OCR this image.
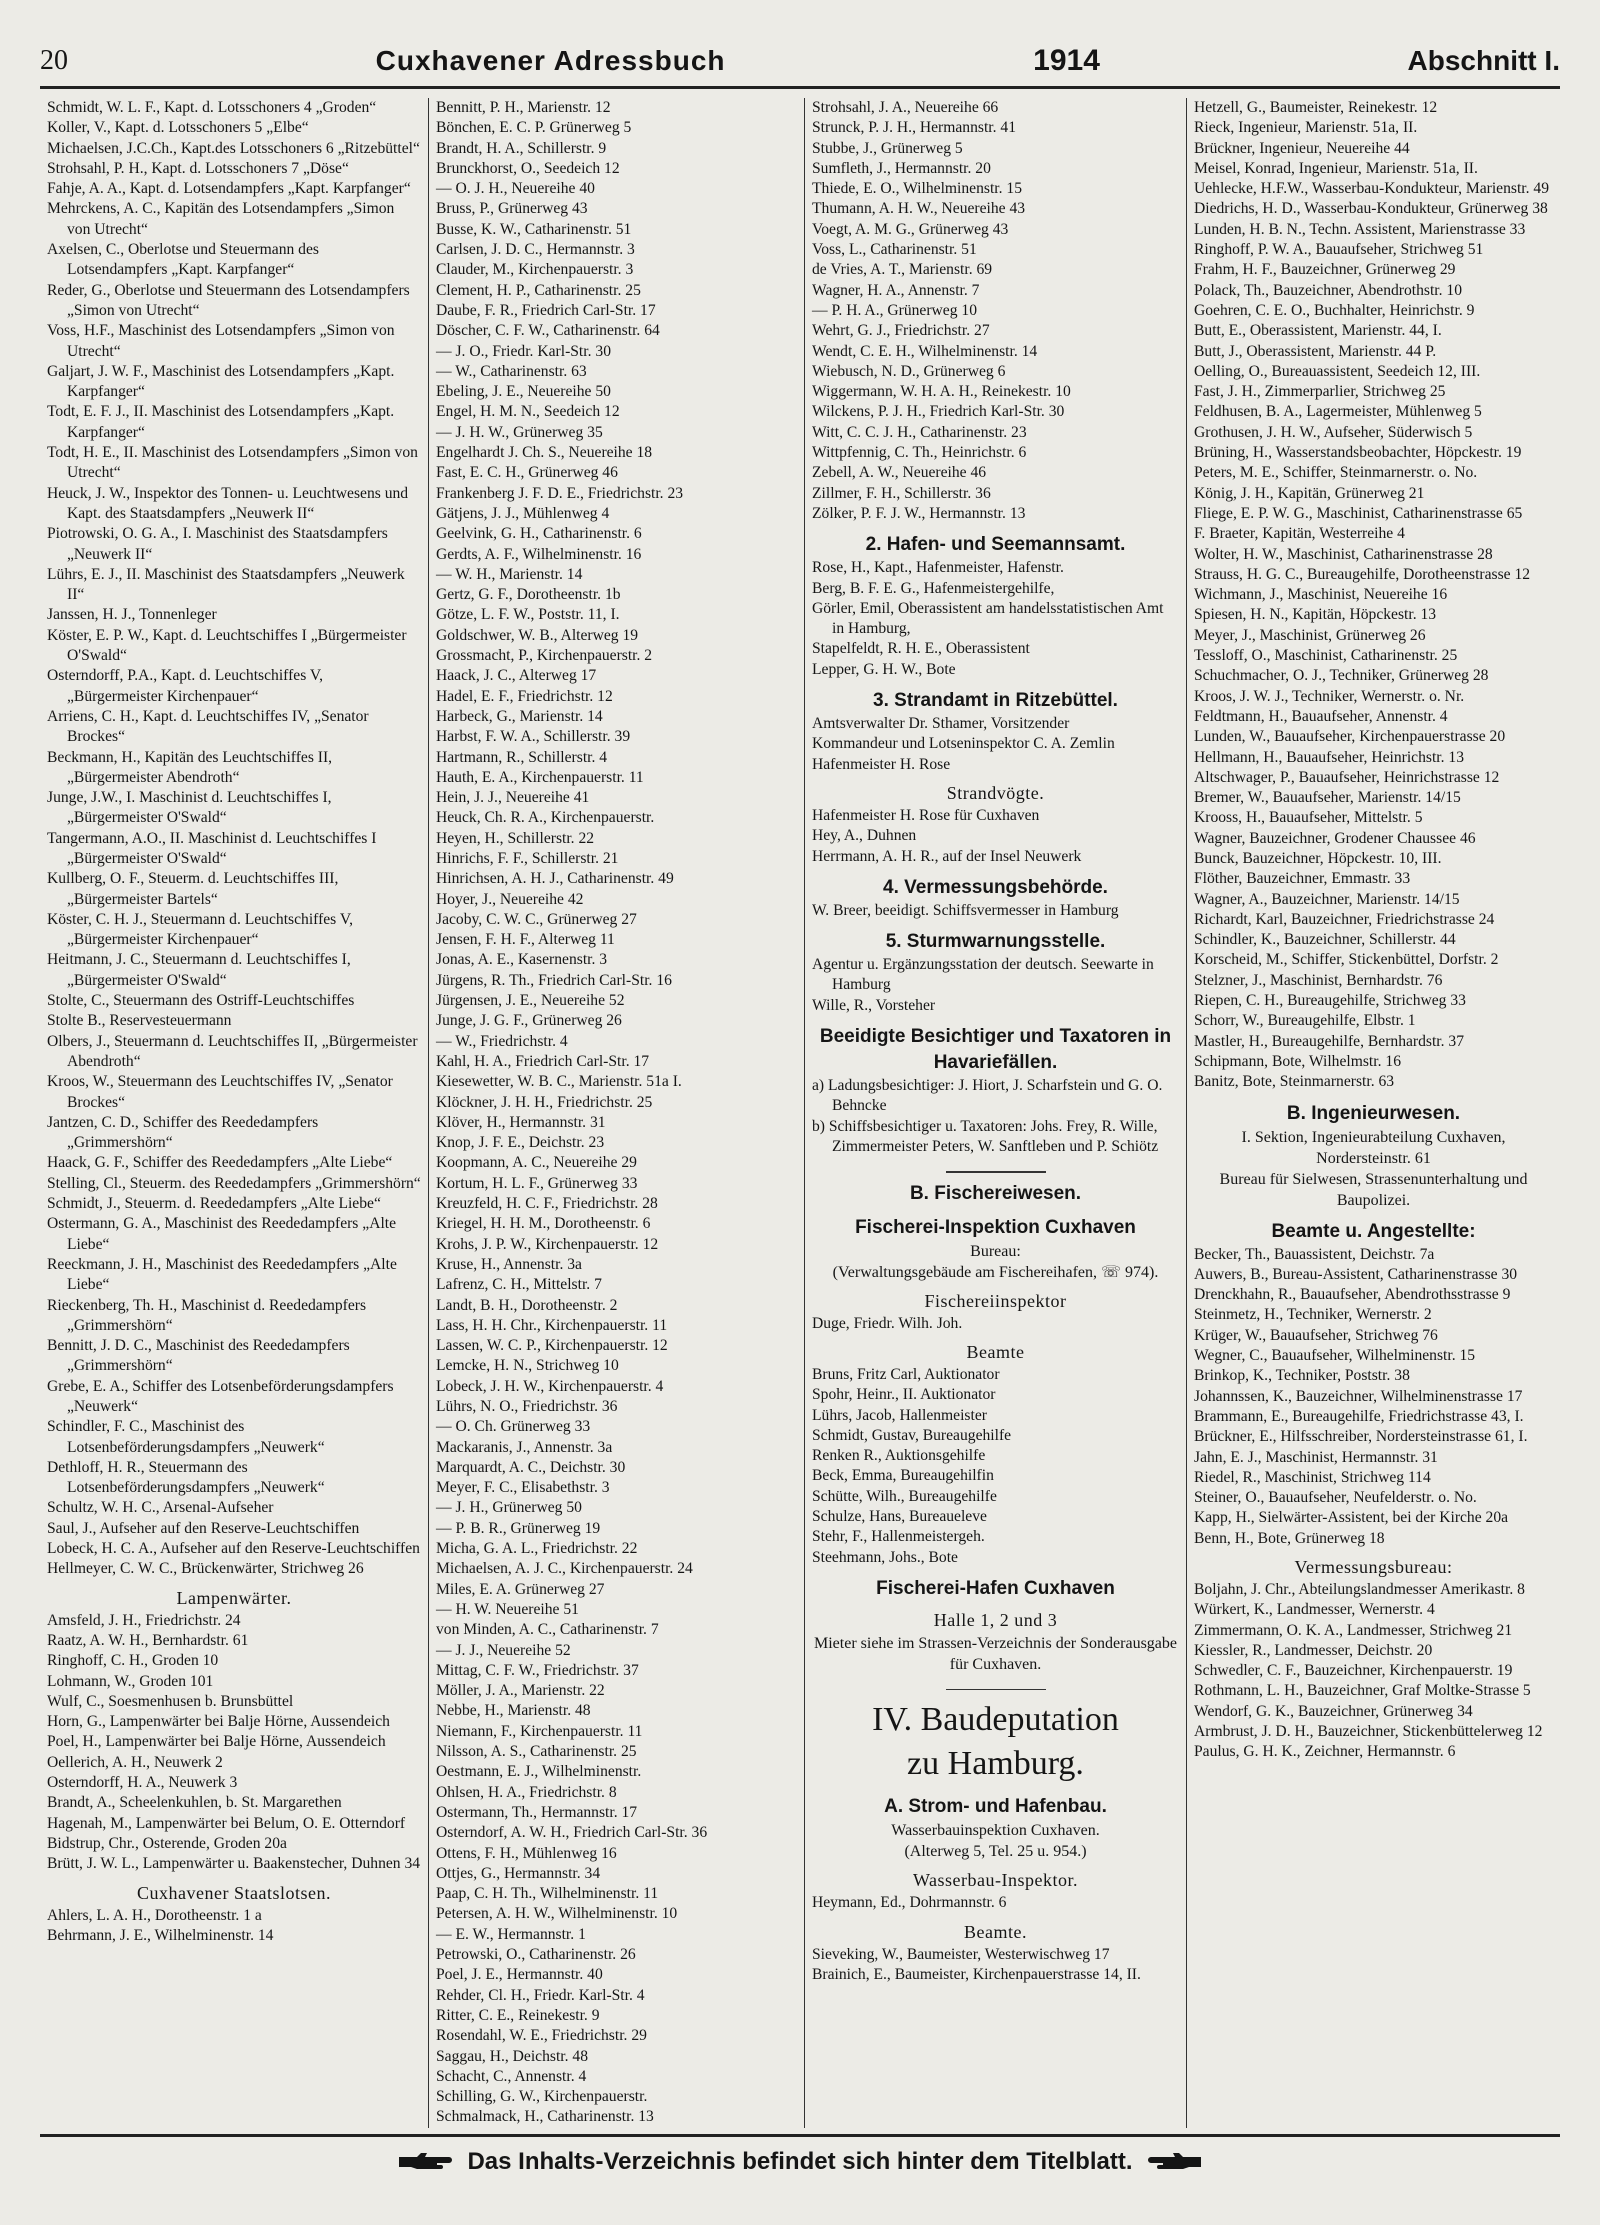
20	Cuxhavener Adressbuch	1914	Abschnitt I.
Schmidt, W. L. F., Kapt. d. Lotsschoners 4 „Groden“
Koller, V., Kapt. d. Lotsschoners 5 „Elbe“
Michaelsen, J.C.Ch., Kapt.des Lotsschoners 6 „Ritzebüttel“
Strohsahl, P. H., Kapt. d. Lotsschoners 7 „Döse“
Fahje, A. A., Kapt. d. Lotsendampfers „Kapt. Karpfanger“
Mehrckens, A. C., Kapitän des Lotsendampfers „Simon von Utrecht“
Axelsen, C., Oberlotse und Steuermann des Lotsendampfers „Kapt. Karpfanger“
Reder, G., Oberlotse und Steuermann des Lotsendampfers „Simon von Utrecht“
Voss, H.F., Maschinist des Lotsendampfers „Simon von Utrecht“
Galjart, J. W. F., Maschinist des Lotsendampfers „Kapt. Karpfanger“
Todt, E. F. J., II. Maschinist des Lotsendampfers „Kapt. Karpfanger“
Todt, H. E., II. Maschinist des Lotsendampfers „Simon von Utrecht“
Heuck, J. W., Inspektor des Tonnen- u. Leuchtwesens und Kapt. des Staatsdampfers „Neuwerk II“
Piotrowski, O. G. A., I. Maschinist des Staatsdampfers „Neuwerk II“
Lührs, E. J., II. Maschinist des Staatsdampfers „Neuwerk II“
Janssen, H. J., Tonnenleger
Köster, E. P. W., Kapt. d. Leuchtschiffes I „Bürgermeister O'Swald“
Osterndorff, P.A., Kapt. d. Leuchtschiffes V, „Bürgermeister Kirchenpauer“
Arriens, C. H., Kapt. d. Leuchtschiffes IV, „Senator Brockes“
Beckmann, H., Kapitän des Leuchtschiffes II, „Bürgermeister Abendroth“
Junge, J.W., I. Maschinist d. Leuchtschiffes I, „Bürgermeister O'Swald“
Tangermann, A.O., II. Maschinist d. Leuchtschiffes I „Bürgermeister O'Swald“
Kullberg, O. F., Steuerm. d. Leuchtschiffes III, „Bürgermeister Bartels“
Köster, C. H. J., Steuermann d. Leuchtschiffes V, „Bürgermeister Kirchenpauer“
Heitmann, J. C., Steuermann d. Leuchtschiffes I, „Bürgermeister O'Swald“
Stolte, C., Steuermann des Ostriff-Leuchtschiffes
Stolte B., Reservesteuermann
Olbers, J., Steuermann d. Leuchtschiffes II, „Bürgermeister Abendroth“
Kroos, W., Steuermann des Leuchtschiffes IV, „Senator Brockes“
Jantzen, C. D., Schiffer des Reededampfers „Grimmershörn“
Haack, G. F., Schiffer des Reededampfers „Alte Liebe“
Stelling, Cl., Steuerm. des Reededampfers „Grimmershörn“
Schmidt, J., Steuerm. d. Reededampfers „Alte Liebe“
Ostermann, G. A., Maschinist des Reededampfers „Alte Liebe“
Reeckmann, J. H., Maschinist des Reededampfers „Alte Liebe“
Rieckenberg, Th. H., Maschinist d. Reededampfers „Grimmershörn“
Bennitt, J. D. C., Maschinist des Reededampfers „Grimmershörn“
Grebe, E. A., Schiffer des Lotsenbeförderungsdampfers „Neuwerk“
Schindler, F. C., Maschinist des Lotsenbeförderungsdampfers „Neuwerk“
Dethloff, H. R., Steuermann des Lotsenbeförderungsdampfers „Neuwerk“
Schultz, W. H. C., Arsenal-Aufseher
Saul, J., Aufseher auf den Reserve-Leuchtschiffen
Lobeck, H. C. A., Aufseher auf den Reserve-Leuchtschiffen
Hellmeyer, C. W. C., Brückenwärter, Strichweg 26
Lampenwärter.
Amsfeld, J. H., Friedrichstr. 24
Raatz, A. W. H., Bernhardstr. 61
Ringhoff, C. H., Groden 10
Lohmann, W., Groden 101
Wulf, C., Soesmenhusen b. Brunsbüttel
Horn, G., Lampenwärter bei Balje Hörne, Aussendeich
Poel, H., Lampenwärter bei Balje Hörne, Aussendeich
Oellerich, A. H., Neuwerk 2
Osterndorff, H. A., Neuwerk 3
Brandt, A., Scheelenkuhlen, b. St. Margarethen
Hagenah, M., Lampenwärter bei Belum, O. E. Otterndorf
Bidstrup, Chr., Osterende, Groden 20a
Brütt, J. W. L., Lampenwärter u. Baakenstecher, Duhnen 34
Cuxhavener Staatslotsen.
Ahlers, L. A. H., Dorotheenstr. 1 a
Behrmann, J. E., Wilhelminenstr. 14
Bennitt, P. H., Marienstr. 12
Bönchen, E. C. P. Grünerweg 5
Brandt, H. A., Schillerstr. 9
Brunckhorst, O., Seedeich 12
— O. J. H., Neuereihe 40
Bruss, P., Grünerweg 43
Busse, K. W., Catharinenstr. 51
Carlsen, J. D. C., Hermannstr. 3
Clauder, M., Kirchenpauerstr. 3
Clement, H. P., Catharinenstr. 25
Daube, F. R., Friedrich Carl-Str. 17
Döscher, C. F. W., Catharinenstr. 64
— J. O., Friedr. Karl-Str. 30
— W., Catharinenstr. 63
Ebeling, J. E., Neuereihe 50
Engel, H. M. N., Seedeich 12
— J. H. W., Grünerweg 35
Engelhardt J. Ch. S., Neuereihe 18
Fast, E. C. H., Grünerweg 46
Frankenberg J. F. D. E., Friedrichstr. 23
Gätjens, J. J., Mühlenweg 4
Geelvink, G. H., Catharinenstr. 6
Gerdts, A. F., Wilhelminenstr. 16
— W. H., Marienstr. 14
Gertz, G. F., Dorotheenstr. 1b
Götze, L. F. W., Poststr. 11, I.
Goldschwer, W. B., Alterweg 19
Grossmacht, P., Kirchenpauerstr. 2
Haack, J. C., Alterweg 17
Hadel, E. F., Friedrichstr. 12
Harbeck, G., Marienstr. 14
Harbst, F. W. A., Schillerstr. 39
Hartmann, R., Schillerstr. 4
Hauth, E. A., Kirchenpauerstr. 11
Hein, J. J., Neuereihe 41
Heuck, Ch. R. A., Kirchenpauerstr.
Heyen, H., Schillerstr. 22
Hinrichs, F. F., Schillerstr. 21
Hinrichsen, A. H. J., Catharinenstr. 49
Hoyer, J., Neuereihe 42
Jacoby, C. W. C., Grünerweg 27
Jensen, F. H. F., Alterweg 11
Jonas, A. E., Kasernenstr. 3
Jürgens, R. Th., Friedrich Carl-Str. 16
Jürgensen, J. E., Neuereihe 52
Junge, J. G. F., Grünerweg 26
— W., Friedrichstr. 4
Kahl, H. A., Friedrich Carl-Str. 17
Kiesewetter, W. B. C., Marienstr. 51a I.
Klöckner, J. H. H., Friedrichstr. 25
Klöver, H., Hermannstr. 31
Knop, J. F. E., Deichstr. 23
Koopmann, A. C., Neuereihe 29
Kortum, H. L. F., Grünerweg 33
Kreuzfeld, H. C. F., Friedrichstr. 28
Kriegel, H. H. M., Dorotheenstr. 6
Krohs, J. P. W., Kirchenpauerstr. 12
Kruse, H., Annenstr. 3a
Lafrenz, C. H., Mittelstr. 7
Landt, B. H., Dorotheenstr. 2
Lass, H. H. Chr., Kirchenpauerstr. 11
Lassen, W. C. P., Kirchenpauerstr. 12
Lemcke, H. N., Strichweg 10
Lobeck, J. H. W., Kirchenpauerstr. 4
Lührs, N. O., Friedrichstr. 36
— O. Ch. Grünerweg 33
Mackaranis, J., Annenstr. 3a
Marquardt, A. C., Deichstr. 30
Meyer, F. C., Elisabethstr. 3
— J. H., Grünerweg 50
— P. B. R., Grünerweg 19
Micha, G. A. L., Friedrichstr. 22
Michaelsen, A. J. C., Kirchenpauerstr. 24
Miles, E. A. Grünerweg 27
— H. W. Neuereihe 51
von Minden, A. C., Catharinenstr. 7
— J. J., Neuereihe 52
Mittag, C. F. W., Friedrichstr. 37
Möller, J. A., Marienstr. 22
Nebbe, H., Marienstr. 48
Niemann, F., Kirchenpauerstr. 11
Nilsson, A. S., Catharinenstr. 25
Oestmann, E. J., Wilhelminenstr.
Ohlsen, H. A., Friedrichstr. 8
Ostermann, Th., Hermannstr. 17
Osterndorf, A. W. H., Friedrich Carl-Str. 36
Ottens, F. H., Mühlenweg 16
Ottjes, G., Hermannstr. 34
Paap, C. H. Th., Wilhelminenstr. 11
Petersen, A. H. W., Wilhelminenstr. 10
— E. W., Hermannstr. 1
Petrowski, O., Catharinenstr. 26
Poel, J. E., Hermannstr. 40
Rehder, Cl. H., Friedr. Karl-Str. 4
Ritter, C. E., Reinekestr. 9
Rosendahl, W. E., Friedrichstr. 29
Saggau, H., Deichstr. 48
Schacht, C., Annenstr. 4
Schilling, G. W., Kirchenpauerstr.
Schmalmack, H., Catharinenstr. 13
Strohsahl, J. A., Neuereihe 66
Strunck, P. J. H., Hermannstr. 41
Stubbe, J., Grünerweg 5
Sumfleth, J., Hermannstr. 20
Thiede, E. O., Wilhelminenstr. 15
Thumann, A. H. W., Neuereihe 43
Voegt, A. M. G., Grünerweg 43
Voss, L., Catharinenstr. 51
de Vries, A. T., Marienstr. 69
Wagner, H. A., Annenstr. 7
— P. H. A., Grünerweg 10
Wehrt, G. J., Friedrichstr. 27
Wendt, C. E. H., Wilhelminenstr. 14
Wiebusch, N. D., Grünerweg 6
Wiggermann, W. H. A. H., Reinekestr. 10
Wilckens, P. J. H., Friedrich Karl-Str. 30
Witt, C. C. J. H., Catharinenstr. 23
Wittpfennig, C. Th., Heinrichstr. 6
Zebell, A. W., Neuereihe 46
Zillmer, F. H., Schillerstr. 36
Zölker, P. F. J. W., Hermannstr. 13
2. Hafen- und Seemannsamt.
Rose, H., Kapt., Hafenmeister, Hafenstr.
Berg, B. F. E. G., Hafenmeistergehilfe,
Görler, Emil, Oberassistent am handelsstatistischen Amt in Hamburg,
Stapelfeldt, R. H. E., Oberassistent
Lepper, G. H. W., Bote
3. Strandamt in Ritzebüttel.
Amtsverwalter Dr. Sthamer, Vorsitzender
Kommandeur und Lotseninspektor C. A. Zemlin
Hafenmeister H. Rose
Strandvögte.
Hafenmeister H. Rose für Cuxhaven
Hey, A., Duhnen
Herrmann, A. H. R., auf der Insel Neuwerk
4. Vermessungsbehörde.
W. Breer, beeidigt. Schiffsvermesser in Hamburg
5. Sturmwarnungsstelle.
Agentur u. Ergänzungsstation der deutsch. Seewarte in Hamburg
Wille, R., Vorsteher
Beeidigte Besichtiger und Taxatoren in Havariefällen.
a) Ladungsbesichtiger: J. Hiort, J. Scharfstein und G. O. Behncke
b) Schiffsbesichtiger u. Taxatoren: Johs. Frey, R. Wille, Zimmermeister Peters, W. Sanftleben und P. Schiötz
B. Fischereiwesen.
Fischerei-Inspektion Cuxhaven
Bureau:
(Verwaltungsgebäude am Fischereihafen, ☏ 974).
Fischereiinspektor
Duge, Friedr. Wilh. Joh.
Beamte
Bruns, Fritz Carl, Auktionator
Spohr, Heinr., II. Auktionator
Lührs, Jacob, Hallenmeister
Schmidt, Gustav, Bureaugehilfe
Renken R., Auktionsgehilfe
Beck, Emma, Bureaugehilfin
Schütte, Wilh., Bureaugehilfe
Schulze, Hans, Bureaueleve
Stehr, F., Hallenmeistergeh.
Steehmann, Johs., Bote
Fischerei-Hafen Cuxhaven
Halle 1, 2 und 3
Mieter siehe im Strassen-Verzeichnis der Sonderausgabe für Cuxhaven.
IV. Baudeputation
zu Hamburg.
A. Strom- und Hafenbau.
Wasserbauinspektion Cuxhaven.
(Alterweg 5, Tel. 25 u. 954.)
Wasserbau-Inspektor.
Heymann, Ed., Dohrmannstr. 6
Beamte.
Sieveking, W., Baumeister, Westerwischweg 17
Brainich, E., Baumeister, Kirchenpauerstrasse 14, II.
Hetzell, G., Baumeister, Reinekestr. 12
Rieck, Ingenieur, Marienstr. 51a, II.
Brückner, Ingenieur, Neuereihe 44
Meisel, Konrad, Ingenieur, Marienstr. 51a, II.
Uehlecke, H.F.W., Wasserbau-Kondukteur, Marienstr. 49
Diedrichs, H. D., Wasserbau-Kondukteur, Grünerweg 38
Lunden, H. B. N., Techn. Assistent, Marienstrasse 33
Ringhoff, P. W. A., Bauaufseher, Strichweg 51
Frahm, H. F., Bauzeichner, Grünerweg 29
Polack, Th., Bauzeichner, Abendrothstr. 10
Goehren, C. E. O., Buchhalter, Heinrichstr. 9
Butt, E., Oberassistent, Marienstr. 44, I.
Butt, J., Oberassistent, Marienstr. 44 P.
Oelling, O., Bureauassistent, Seedeich 12, III.
Fast, J. H., Zimmerparlier, Strichweg 25
Feldhusen, B. A., Lagermeister, Mühlenweg 5
Grothusen, J. H. W., Aufseher, Süderwisch 5
Brüning, H., Wasserstandsbeobachter, Höpckestr. 19
Peters, M. E., Schiffer, Steinmarnerstr. o. No.
König, J. H., Kapitän, Grünerweg 21
Fliege, E. P. W. G., Maschinist, Catharinenstrasse 65
F. Braeter, Kapitän, Westerreihe 4
Wolter, H. W., Maschinist, Catharinenstrasse 28
Strauss, H. G. C., Bureaugehilfe, Dorotheenstrasse 12
Wichmann, J., Maschinist, Neuereihe 16
Spiesen, H. N., Kapitän, Höpckestr. 13
Meyer, J., Maschinist, Grünerweg 26
Tessloff, O., Maschinist, Catharinenstr. 25
Schuchmacher, O. J., Techniker, Grünerweg 28
Kroos, J. W. J., Techniker, Wernerstr. o. Nr.
Feldtmann, H., Bauaufseher, Annenstr. 4
Lunden, W., Bauaufseher, Kirchenpauerstrasse 20
Hellmann, H., Bauaufseher, Heinrichstr. 13
Altschwager, P., Bauaufseher, Heinrichstrasse 12
Bremer, W., Bauaufseher, Marienstr. 14/15
Krooss, H., Bauaufseher, Mittelstr. 5
Wagner, Bauzeichner, Grodener Chaussee 46
Bunck, Bauzeichner, Höpckestr. 10, III.
Flöther, Bauzeichner, Emmastr. 33
Wagner, A., Bauzeichner, Marienstr. 14/15
Richardt, Karl, Bauzeichner, Friedrichstrasse 24
Schindler, K., Bauzeichner, Schillerstr. 44
Korscheid, M., Schiffer, Stickenbüttel, Dorfstr. 2
Stelzner, J., Maschinist, Bernhardstr. 76
Riepen, C. H., Bureaugehilfe, Strichweg 33
Schorr, W., Bureaugehilfe, Elbstr. 1
Mastler, H., Bureaugehilfe, Bernhardstr. 37
Schipmann, Bote, Wilhelmstr. 16
Banitz, Bote, Steinmarnerstr. 63
B. Ingenieurwesen.
I. Sektion, Ingenieurabteilung Cuxhaven, Nordersteinstr. 61
Bureau für Sielwesen, Strassenunterhaltung und Baupolizei.
Beamte u. Angestellte:
Becker, Th., Bauassistent, Deichstr. 7a
Auwers, B., Bureau-Assistent, Catharinenstrasse 30
Drenckhahn, R., Bauaufseher, Abendrothsstrasse 9
Steinmetz, H., Techniker, Wernerstr. 2
Krüger, W., Bauaufseher, Strichweg 76
Wegner, C., Bauaufseher, Wilhelminenstr. 15
Brinkop, K., Techniker, Poststr. 38
Johannssen, K., Bauzeichner, Wilhelminenstrasse 17
Brammann, E., Bureaugehilfe, Friedrichstrasse 43, I.
Brückner, E., Hilfsschreiber, Nordersteinstrasse 61, I.
Jahn, E. J., Maschinist, Hermannstr. 31
Riedel, R., Maschinist, Strichweg 114
Steiner, O., Bauaufseher, Neufelderstr. o. No.
Kapp, H., Sielwärter-Assistent, bei der Kirche 20a
Benn, H., Bote, Grünerweg 18
Vermessungsbureau:
Boljahn, J. Chr., Abteilungslandmesser Amerikastr. 8
Würkert, K., Landmesser, Wernerstr. 4
Zimmermann, O. K. A., Landmesser, Strichweg 21
Kiessler, R., Landmesser, Deichstr. 20
Schwedler, C. F., Bauzeichner, Kirchenpauerstr. 19
Rothmann, L. H., Bauzeichner, Graf Moltke-Strasse 5
Wendorf, G. K., Bauzeichner, Grünerweg 34
Armbrust, J. D. H., Bauzeichner, Stickenbüttelerweg 12
Paulus, G. H. K., Zeichner, Hermannstr. 6
Das Inhalts-Verzeichnis befindet sich hinter dem Titelblatt.
